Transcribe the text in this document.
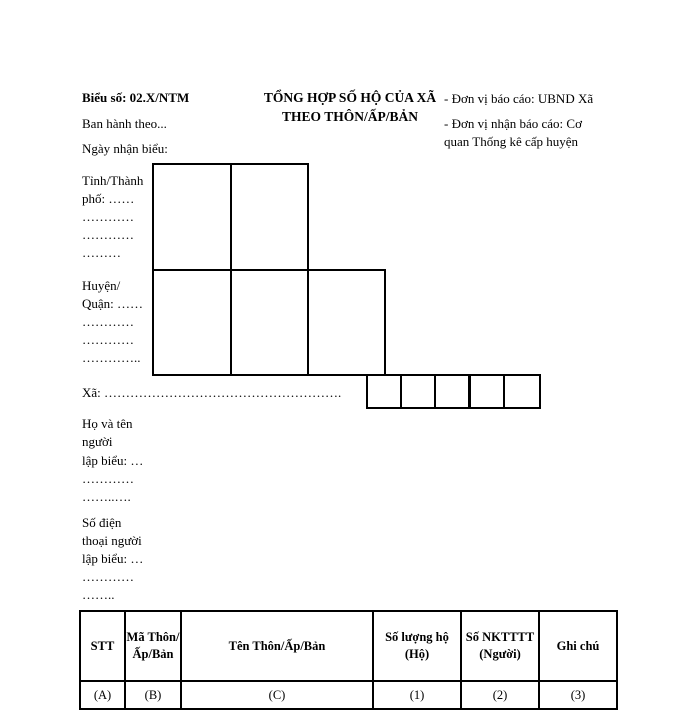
Biểu số: 02.X/NTM
Ban hành theo...
Ngày nhận biểu:
TỔNG HỢP SỐ HỘ CỦA XÃ
THEO THÔN/ẤP/BẢN
- Đơn vị báo cáo: UBND Xã
- Đơn vị nhận báo cáo: Cơ
quan Thống kê cấp huyện
Tỉnh/Thành
phố: ……
…………
…………
………
Huyện/
Quận: ……
…………
…………
…………..
Xã: ……………………………………………….
Họ và tên
người
lập biểu: …
…………
……..….
Số điện
thoại người
lập biểu: …
…………
……..
STT	Mã Thôn/ Ấp/Bản	Tên Thôn/Ấp/Bản	Số lượng hộ (Hộ)	Số NKTTTT (Người)	Ghi chú
(A)	(B)	(C)	(1)	(2)	(3)
